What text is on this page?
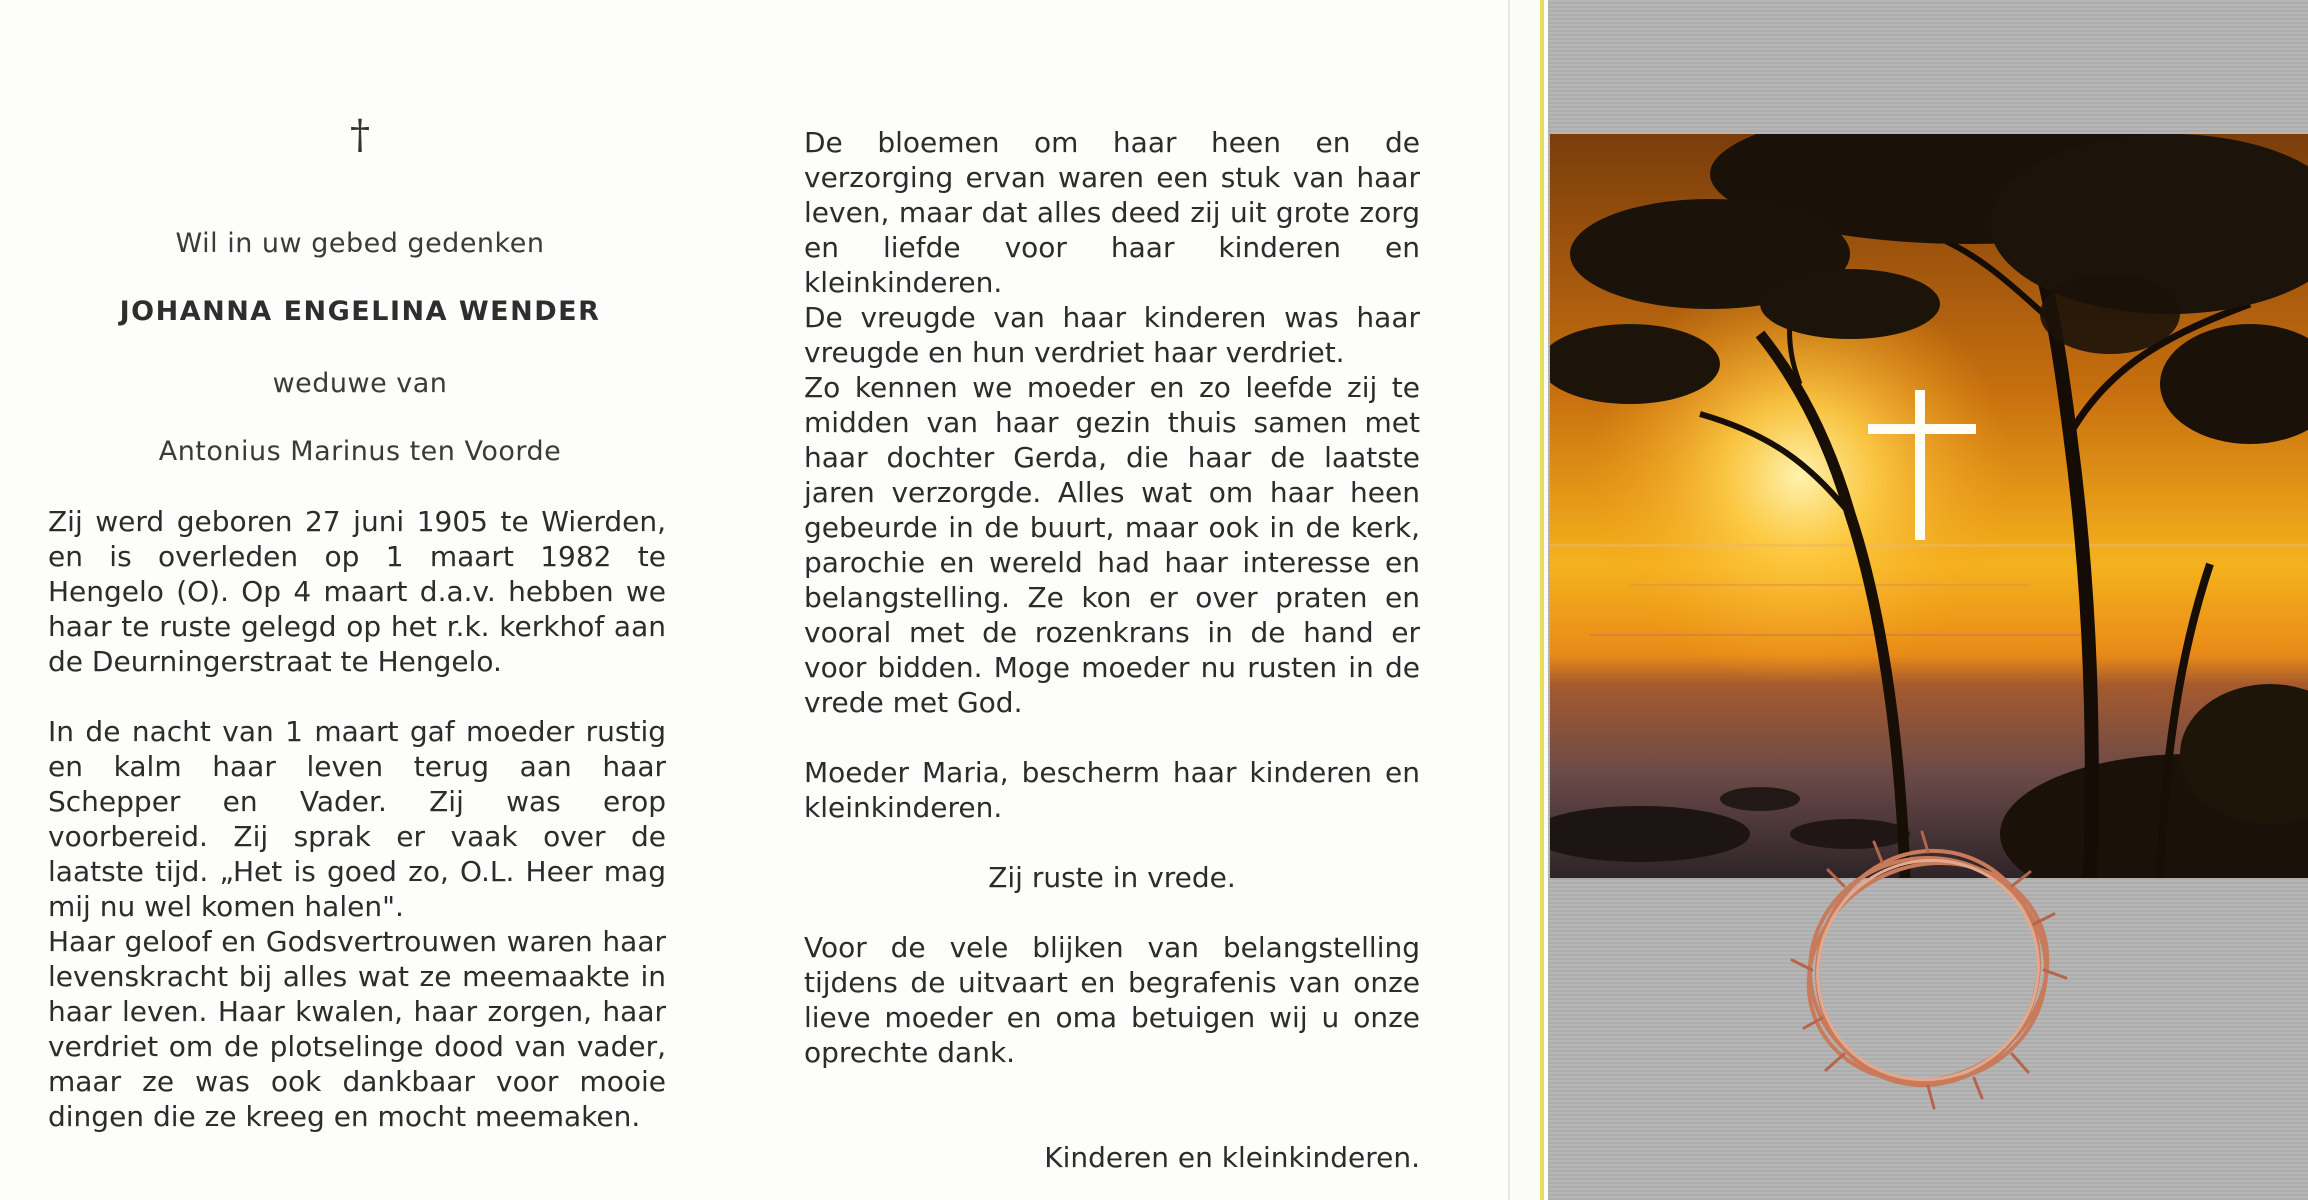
†
Wil in uw gebed gedenken
JOHANNA ENGELINA WENDER
weduwe van
Antonius Marinus ten Voorde

Zij werd geboren 27 juni 1905 te Wierden, en is overleden op 1 maart 1982 te Hengelo (O). Op 4 maart d.a.v. hebben we haar te ruste gelegd op het r.k. kerkhof aan de Deurningerstraat te Hengelo.

In de nacht van 1 maart gaf moeder rustig en kalm haar leven terug aan haar Schepper en Vader. Zij was erop voorbereid. Zij sprak er vaak over de laatste tijd. „Het is goed zo, O.L. Heer mag mij nu wel komen halen".

Haar geloof en Godsvertrouwen waren haar levenskracht bij alles wat ze meemaakte in haar leven. Haar kwalen, haar zorgen, haar verdriet om de plotselinge dood van vader, maar ze was ook dankbaar voor mooie dingen die ze kreeg en mocht meemaken.

De bloemen om haar heen en de verzorging ervan waren een stuk van haar leven, maar dat alles deed zij uit grote zorg en liefde voor haar kinderen en kleinkinderen.

De vreugde van haar kinderen was haar vreugde en hun verdriet haar verdriet.

Zo kennen we moeder en zo leefde zij te midden van haar gezin thuis samen met haar dochter Gerda, die haar de laatste jaren verzorgde. Alles wat om haar heen gebeurde in de buurt, maar ook in de kerk, parochie en wereld had haar interesse en belangstelling. Ze kon er over praten en vooral met de rozenkrans in de hand er voor bidden. Moge moeder nu rusten in de vrede met God.

Moeder Maria, bescherm haar kinderen en kleinkinderen.

Zij ruste in vrede.

Voor de vele blijken van belangstelling tijdens de uitvaart en begrafenis van onze lieve moeder en oma betuigen wij u onze oprechte dank.

Kinderen en kleinkinderen.
